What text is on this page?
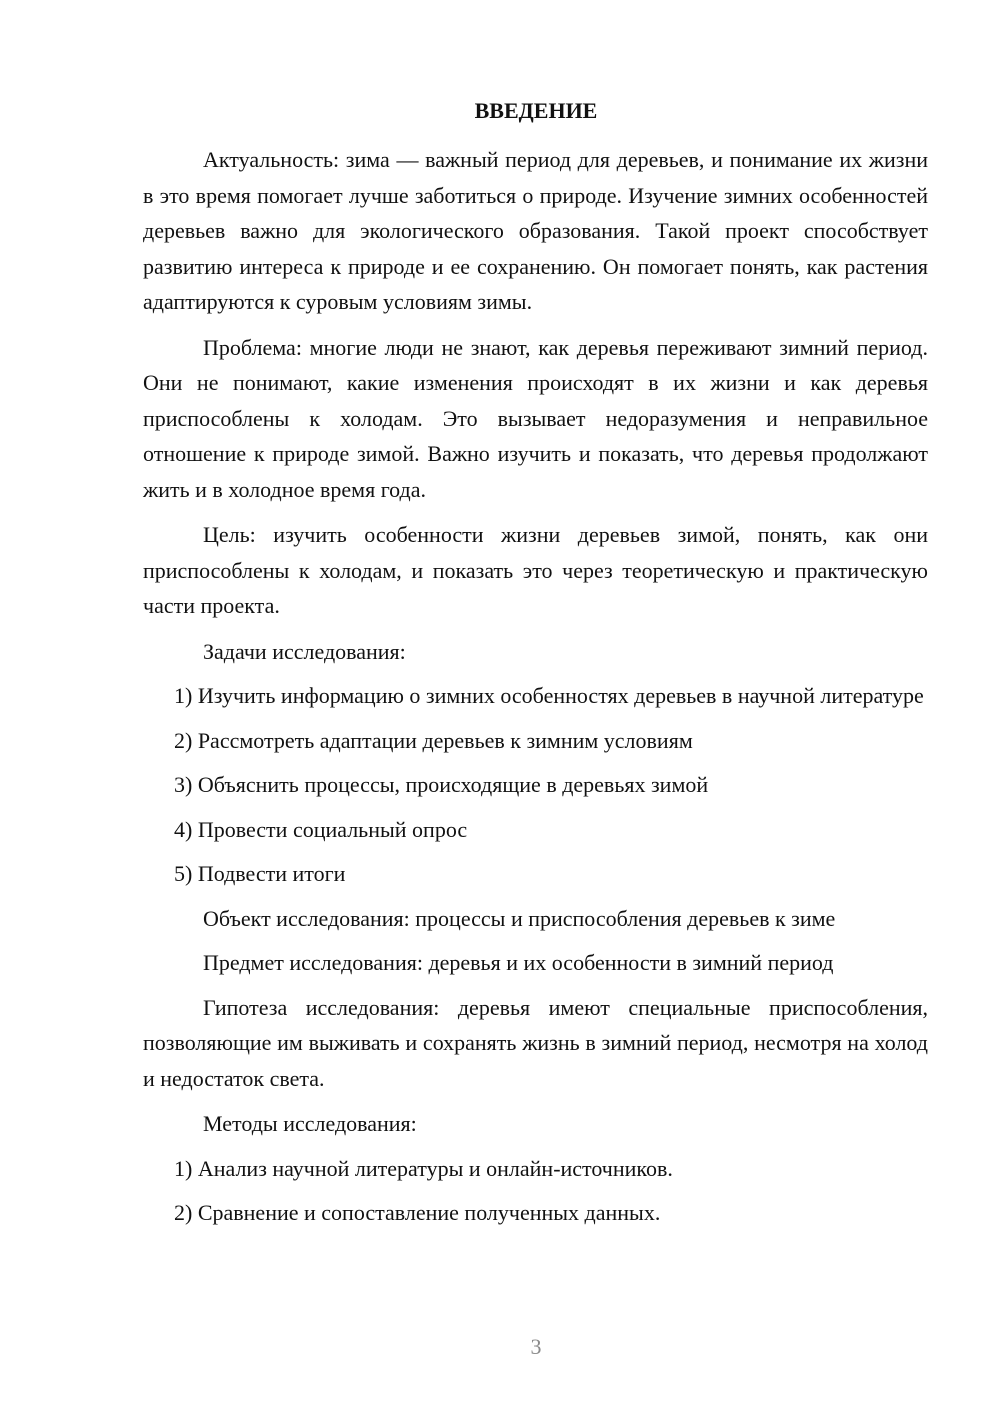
ВВЕДЕНИЕ

Актуальность: зима — важный период для деревьев, и понимание их жизни в это время помогает лучше заботиться о природе. Изучение зимних особенностей деревьев важно для экологического образования. Такой проект способствует развитию интереса к природе и ее сохранению. Он помогает понять, как растения адаптируются к суровым условиям зимы.

Проблема: многие люди не знают, как деревья переживают зимний период. Они не понимают, какие изменения происходят в их жизни и как деревья приспособлены к холодам. Это вызывает недоразумения и неправильное отношение к природе зимой. Важно изучить и показать, что деревья продолжают жить и в холодное время года.

Цель: изучить особенности жизни деревьев зимой, понять, как они приспособлены к холодам, и показать это через теоретическую и практическую части проекта.

Задачи исследования:

1) Изучить информацию о зимних особенностях деревьев в научной литературе

2) Рассмотреть адаптации деревьев к зимним условиям

3) Объяснить процессы, происходящие в деревьях зимой

4) Провести социальный опрос

5) Подвести итоги

Объект исследования: процессы и приспособления деревьев к зиме

Предмет исследования: деревья и их особенности в зимний период

Гипотеза исследования: деревья имеют специальные приспособления, позволяющие им выживать и сохранять жизнь в зимний период, несмотря на холод и недостаток света.

Методы исследования:

1) Анализ научной литературы и онлайн-источников.

2) Сравнение и сопоставление полученных данных.

3
